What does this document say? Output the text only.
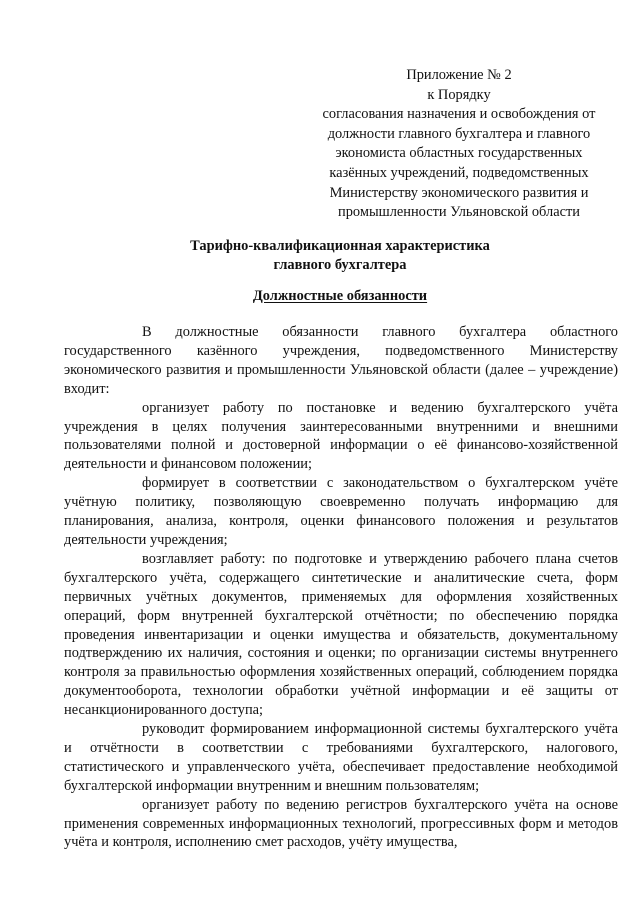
Приложение № 2
к Порядку
согласования назначения и освобождения от
должности главного бухгалтера и главного
экономиста областных государственных
казённых учреждений, подведомственных
Министерству экономического развития и
промышленности Ульяновской области
Тарифно-квалификационная характеристика
главного бухгалтера
Должностные обязанности

В должностные обязанности главного бухгалтера областного государственного казённого учреждения, подведомственного Министерству экономического развития и промышленности Ульяновской области (далее – учреждение) входит:

организует работу по постановке и ведению бухгалтерского учёта учреждения в целях получения заинтересованными внутренними и внешними пользователями полной и достоверной информации о её финансово-хозяйственной деятельности и финансовом положении;

формирует в соответствии с законодательством о бухгалтерском учёте учётную политику, позволяющую своевременно получать информацию для планирования, анализа, контроля, оценки финансового положения и результатов деятельности учреждения;

возглавляет работу: по подготовке и утверждению рабочего плана счетов бухгалтерского учёта, содержащего синтетические и аналитические счета, форм первичных учётных документов, применяемых для оформления хозяйственных операций, форм внутренней бухгалтерской отчётности; по обеспечению порядка проведения инвентаризации и оценки имущества и обязательств, документальному подтверждению их наличия, состояния и оценки; по организации системы внутреннего контроля за правильностью оформления хозяйственных операций, соблюдением порядка документооборота, технологии обработки учётной информации и её защиты от несанкционированного доступа;

руководит формированием информационной системы бухгалтерского учёта и отчётности в соответствии с требованиями бухгалтерского, налогового, статистического и управленческого учёта, обеспечивает предоставление необходимой бухгалтерской информации внутренним и внешним пользователям;

организует работу по ведению регистров бухгалтерского учёта на основе применения современных информационных технологий, прогрессивных форм и методов учёта и контроля, исполнению смет расходов, учёту имущества,
